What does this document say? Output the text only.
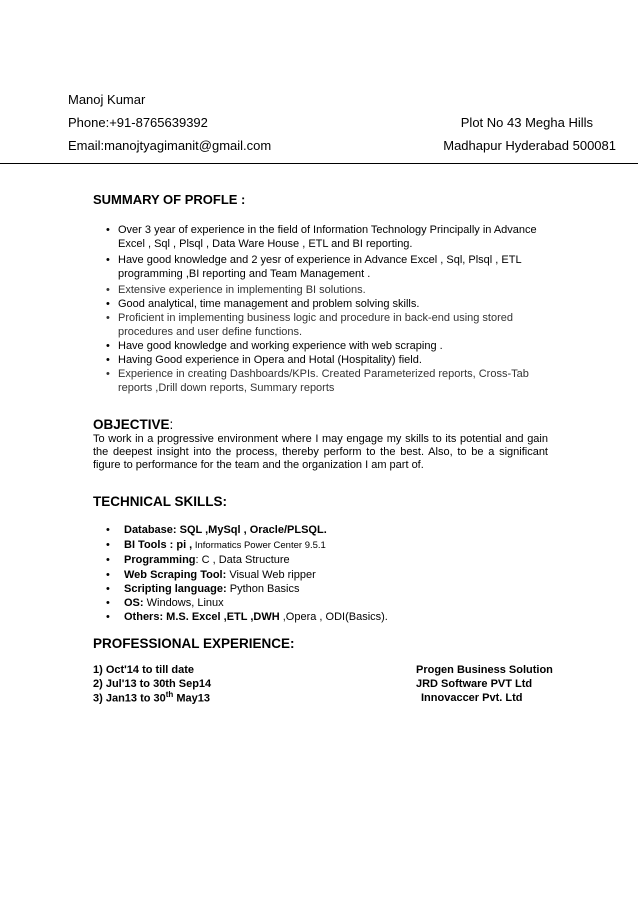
Manoj Kumar
Phone:+91-8765639392
Email:manojtyagimanit@gmail.com
Plot No 43 Megha Hills
Madhapur Hyderabad 500081
SUMMARY OF PROFLE :
• Over 3 year of experience in the field of Information Technology Principally in Advance Excel , Sql , Plsql , Data Ware House , ETL and BI reporting.
• Have good knowledge and 2 yesr of experience in Advance Excel , Sql, Plsql , ETL programming ,BI reporting and Team Management .
• Extensive experience in implementing BI solutions.
• Good analytical, time management and problem solving skills.
• Proficient in implementing business logic and procedure in back-end using stored procedures and user define functions.
• Have good knowledge and working experience with web scraping .
• Having Good experience in Opera and Hotal (Hospitality) field.
• Experience in creating Dashboards/KPIs. Created Parameterized reports, Cross-Tab reports ,Drill down reports, Summary reports
OBJECTIVE:
To work in a progressive environment where I may engage my skills to its potential and gain the deepest insight into the process, thereby perform to the best. Also, to be a significant figure to performance for the team and the organization I am part of.
TECHNICAL SKILLS:
• Database: SQL ,MySql , Oracle/PLSQL.
• BI Tools : pi , Informatics Power Center 9.5.1
• Programming: C , Data Structure
• Web Scraping Tool: Visual Web ripper
• Scripting language: Python Basics
• OS: Windows, Linux
• Others: M.S. Excel ,ETL ,DWH ,Opera , ODI(Basics).
PROFESSIONAL EXPERIENCE:
1) Oct'14 to till date	Progen Business Solution
2) Jul'13 to 30th Sep14	JRD Software PVT Ltd
3) Jan13 to 30th May13	Innovaccer Pvt. Ltd
